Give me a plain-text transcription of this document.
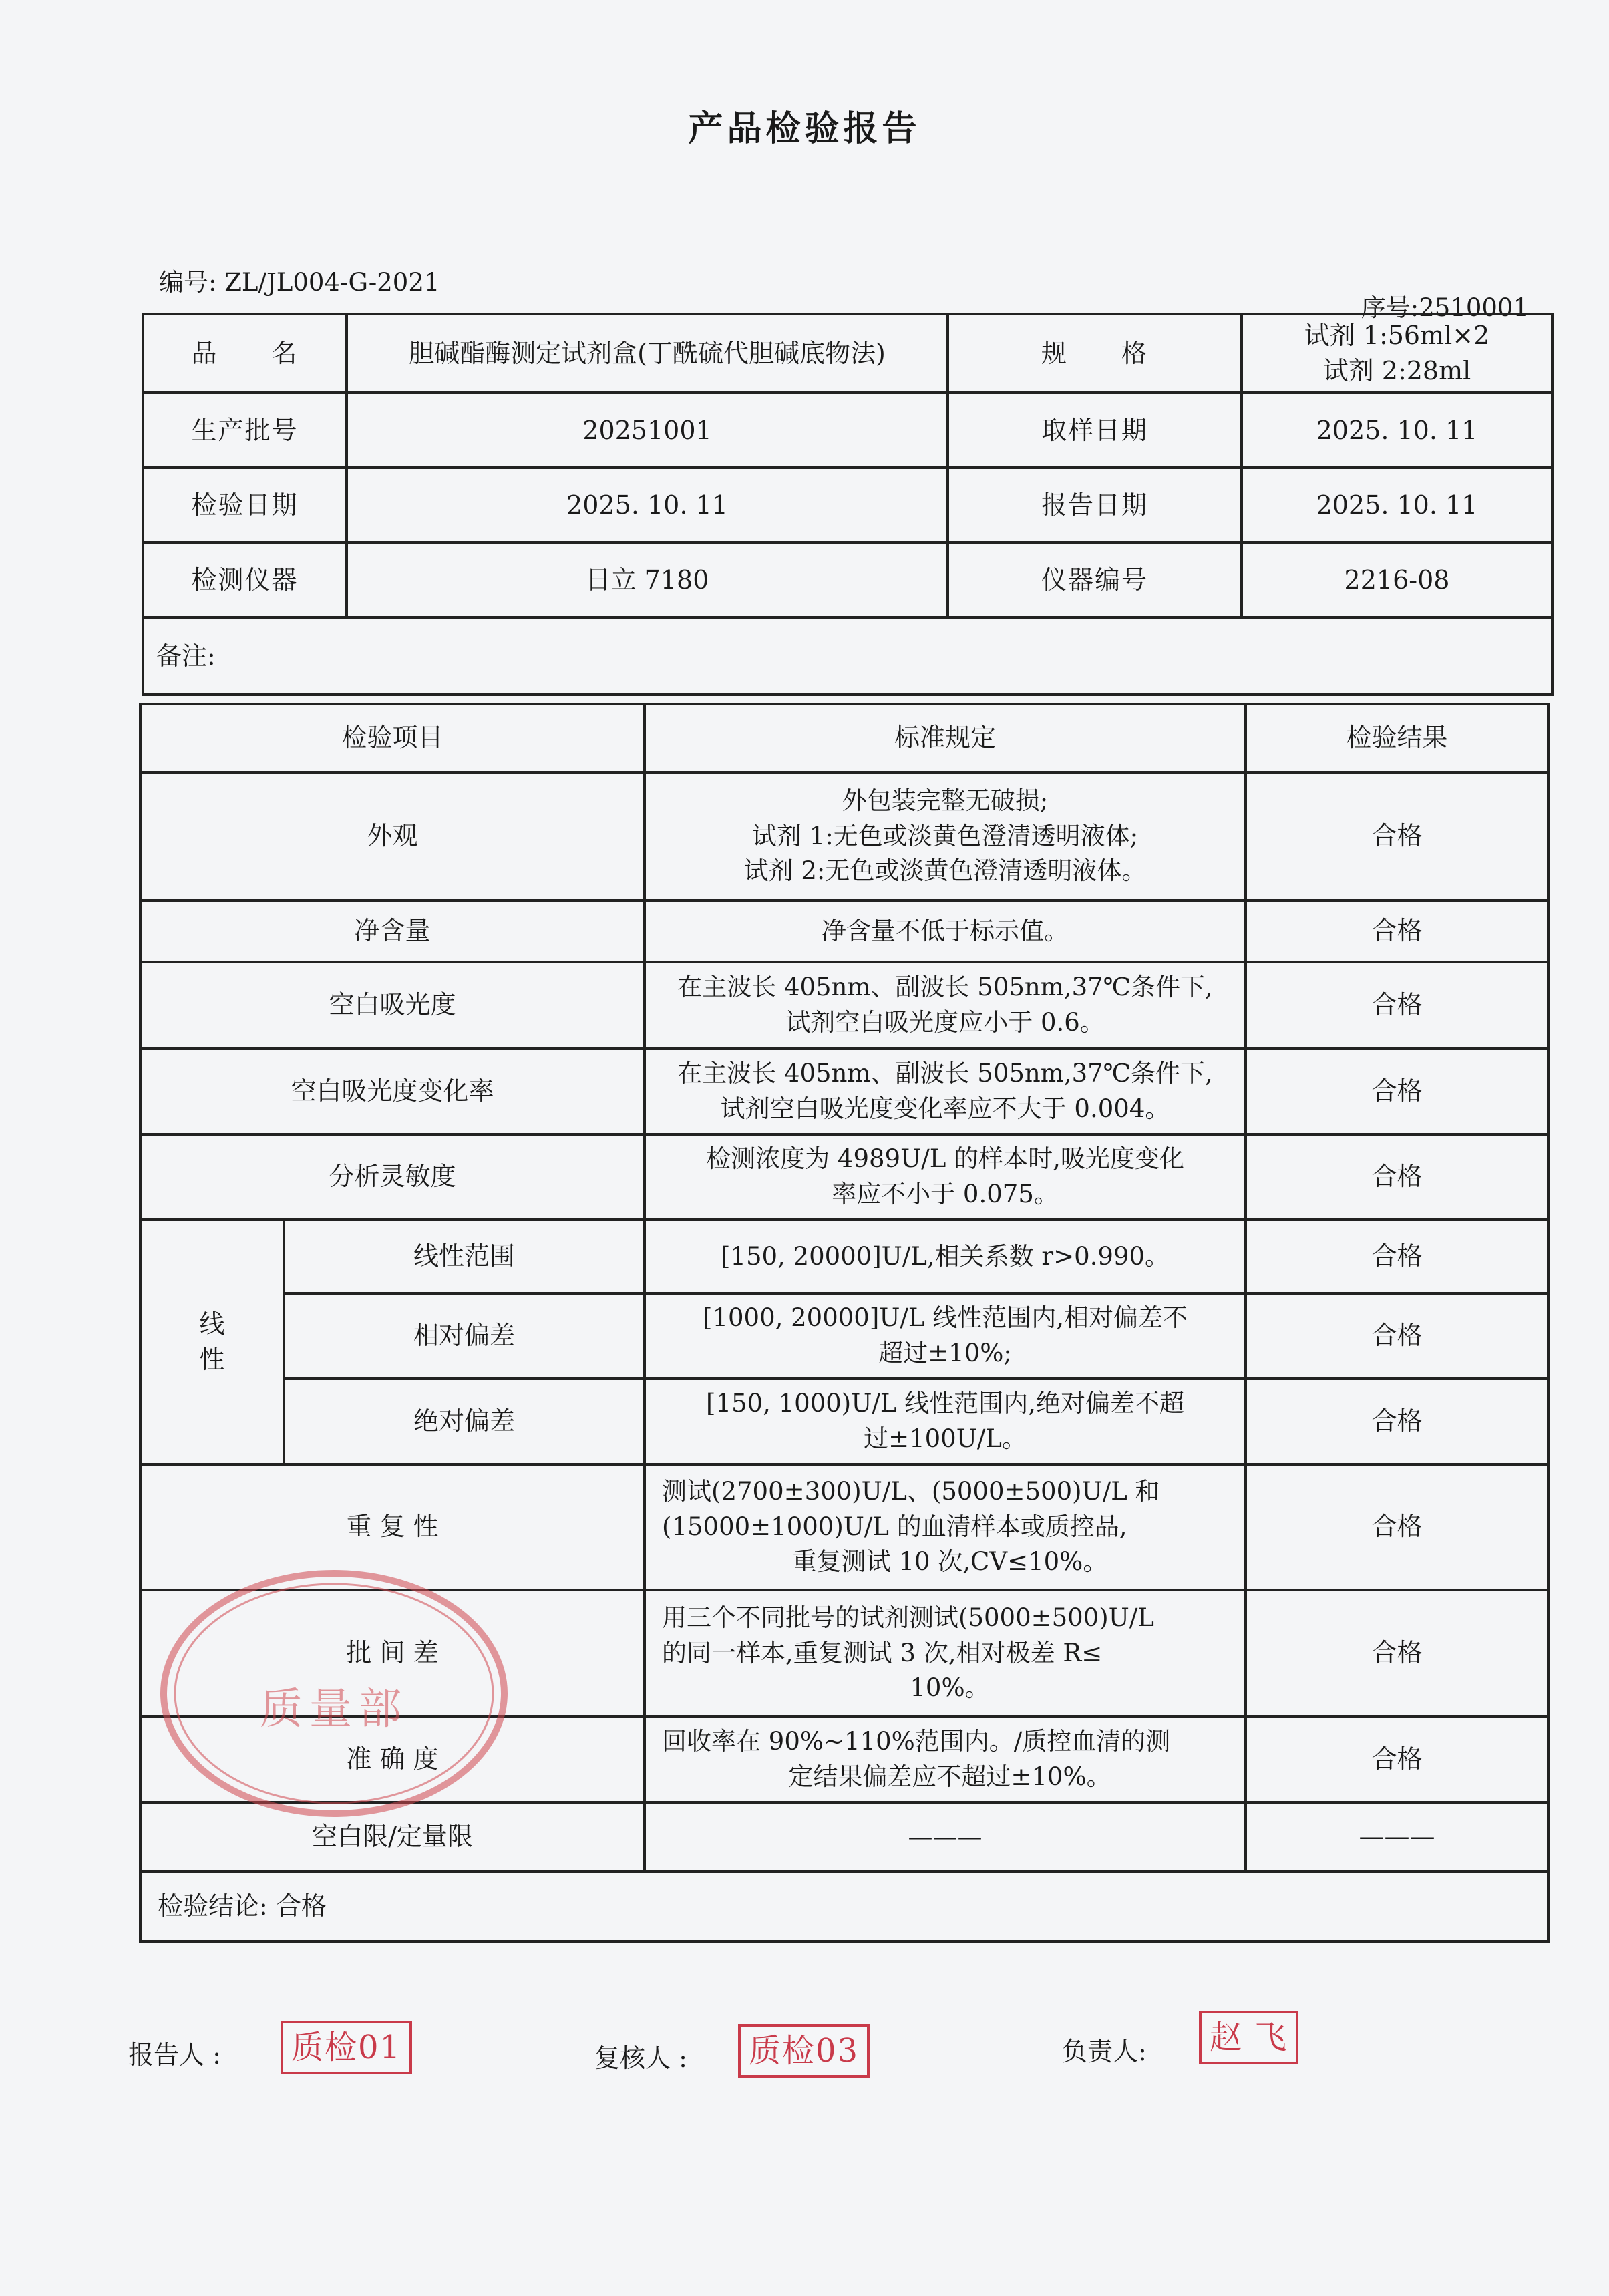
产品检验报告
编号: ZL/JL004-G-2021
序号:2510001
品　　名	胆碱酯酶测定试剂盒(丁酰硫代胆碱底物法)	规　　格	试剂 1:56ml×2
试剂 2:28ml

生产批号	20251001	取样日期	2025. 10. 11
检验日期	2025. 10. 11	报告日期	2025. 10. 11
检测仪器	日立 7180	仪器编号	2216-08
备注:			
检验项目		标准规定	检验结果
外观		外包装完整无破损;
试剂 1:无色或淡黄色澄清透明液体;
试剂 2:无色或淡黄色澄清透明液体。	合格
净含量		净含量不低于标示值。	合格
空白吸光度		在主波长 405nm、副波长 505nm,37℃条件下,
试剂空白吸光度应小于 0.6。	合格
空白吸光度变化率		在主波长 405nm、副波长 505nm,37℃条件下,
试剂空白吸光度变化率应不大于 0.004。	合格
分析灵敏度		检测浓度为 4989U/L 的样本时,吸光度变化
率应不小于 0.075。	合格

线
性	线性范围	[150, 20000]U/L,相关系数 r>0.990。	合格
	相对偏差	[1000, 20000]U/L 线性范围内,相对偏差不
超过±10%;	合格
	绝对偏差	[150, 1000)U/L 线性范围内,绝对偏差不超
过±100U/L。	合格
重 复 性		测试(2700±300)U/L、(5000±500)U/L 和
(15000±1000)U/L 的血清样本或质控品,
重复测试 10 次,CV≤10%。	合格
批 间 差		用三个不同批号的试剂测试(5000±500)U/L
的同一样本,重复测试 3 次,相对极差 R≤
10%。	合格
准 确 度		回收率在 90%~110%范围内。/质控血清的测
定结果偏差应不超过±10%。	合格
空白限/定量限		———	———
检验结论: 合格			
质量部
报告人 :	质检01	复核人 :	质检03	负责人:	赵 飞
